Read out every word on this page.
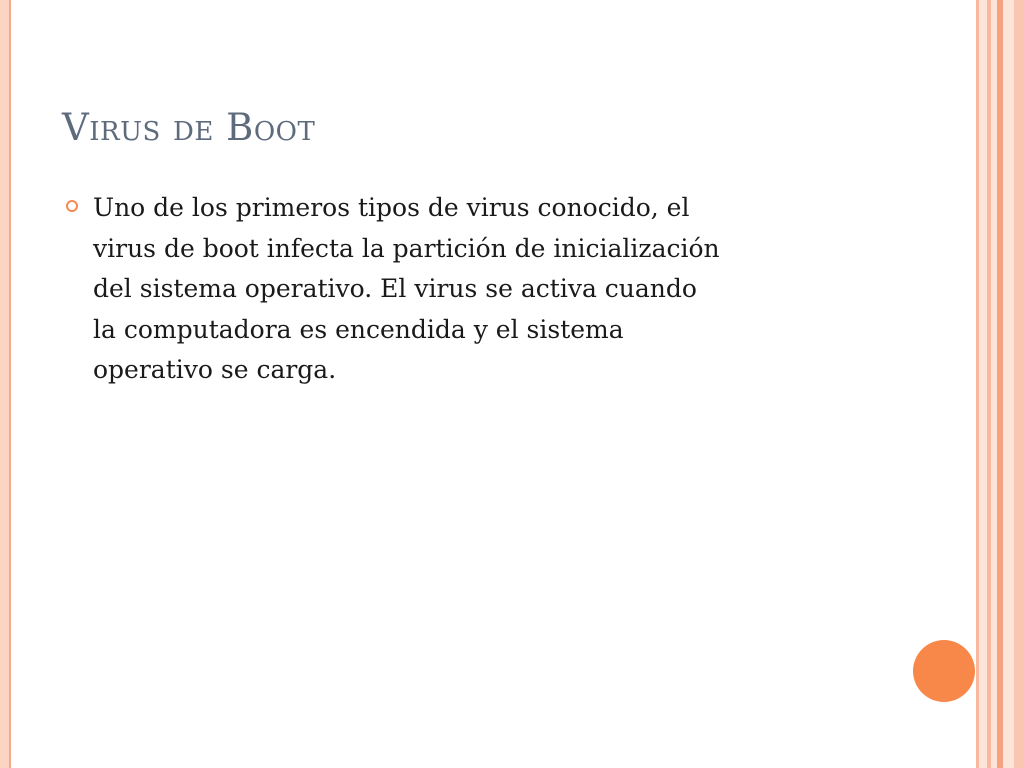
Virus de Boot

Uno de los primeros tipos de virus conocido, el
virus de boot infecta la partición de inicialización
del sistema operativo. El virus se activa cuando
la computadora es encendida y el sistema
operativo se carga.
